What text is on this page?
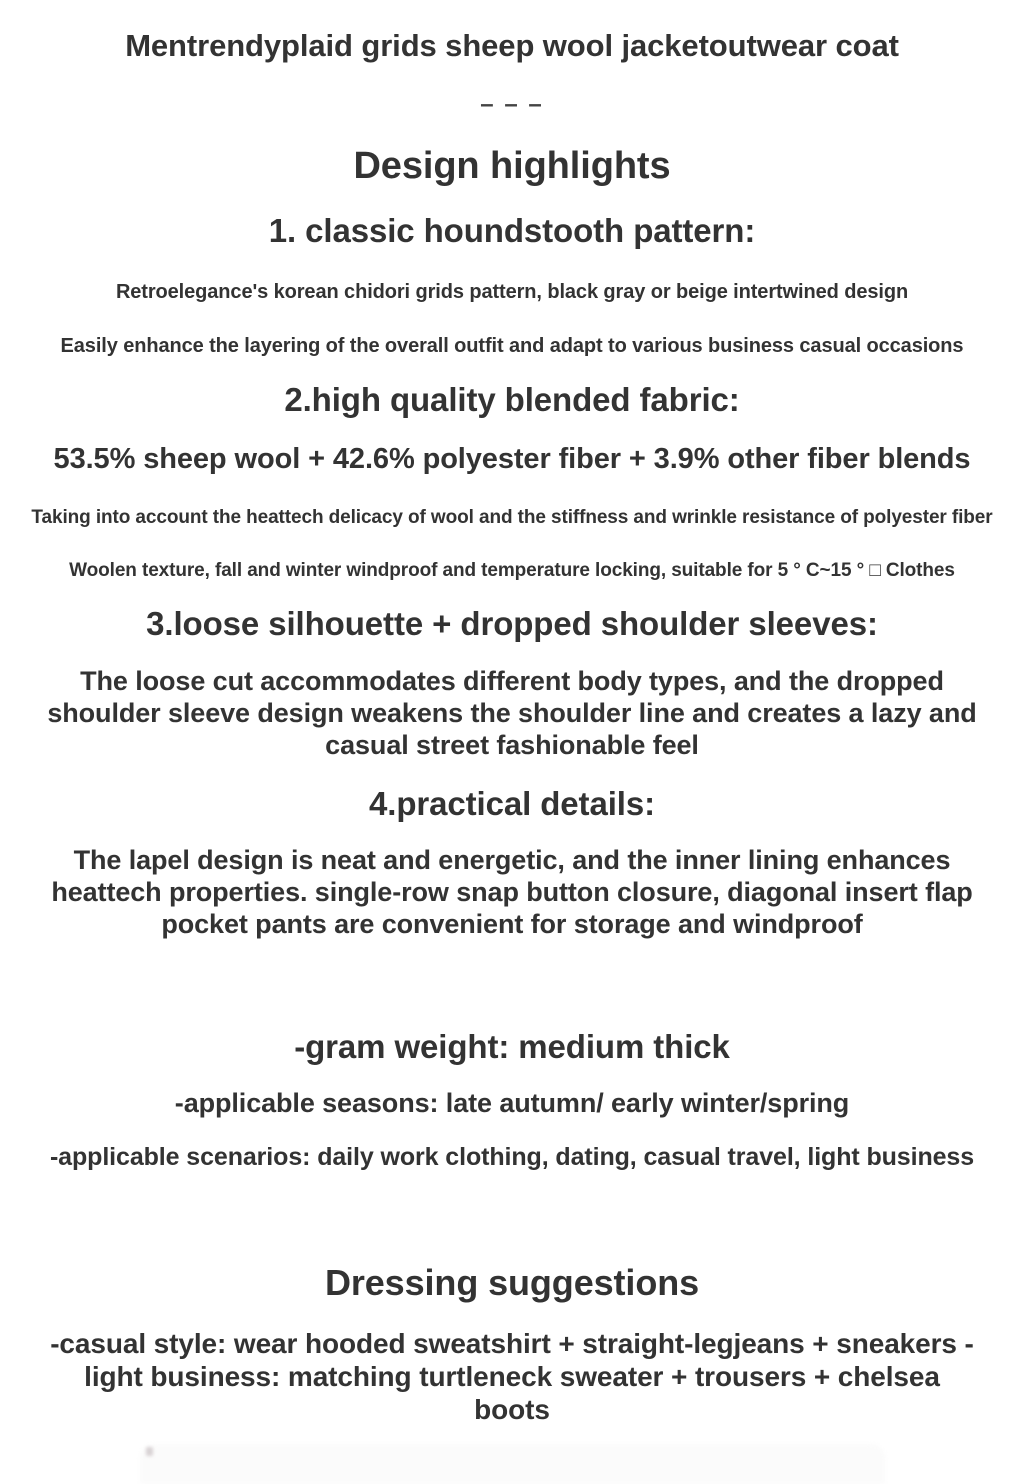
Mentrendyplaid grids sheep wool jacketoutwear coat
– – –
Design highlights
1. classic houndstooth pattern:

Retroelegance's korean chidori grids pattern, black gray or beige intertwined design

Easily enhance the layering of the overall outfit and adapt to various business casual occasions

2.high quality blended fabric:

53.5% sheep wool + 42.6% polyester fiber + 3.9% other fiber blends

Taking into account the heattech delicacy of wool and the stiffness and wrinkle resistance of polyester fiber

Woolen texture, fall and winter windproof and temperature locking, suitable for 5 ° C~15 ° □ Clothes

3.loose silhouette + dropped shoulder sleeves:

The loose cut accommodates different body types, and the dropped shoulder sleeve design weakens the shoulder line and creates a lazy and casual street fashionable feel

4.practical details:

The lapel design is neat and energetic, and the inner lining enhances heattech properties. single-row snap button closure, diagonal insert flap pocket pants are convenient for storage and windproof

-gram weight: medium thick

-applicable seasons: late autumn/ early winter/spring

-applicable scenarios: daily work clothing, dating, casual travel, light business

Dressing suggestions

-casual style: wear hooded sweatshirt + straight-legjeans + sneakers - light business: matching turtleneck sweater + trousers + chelsea boots
